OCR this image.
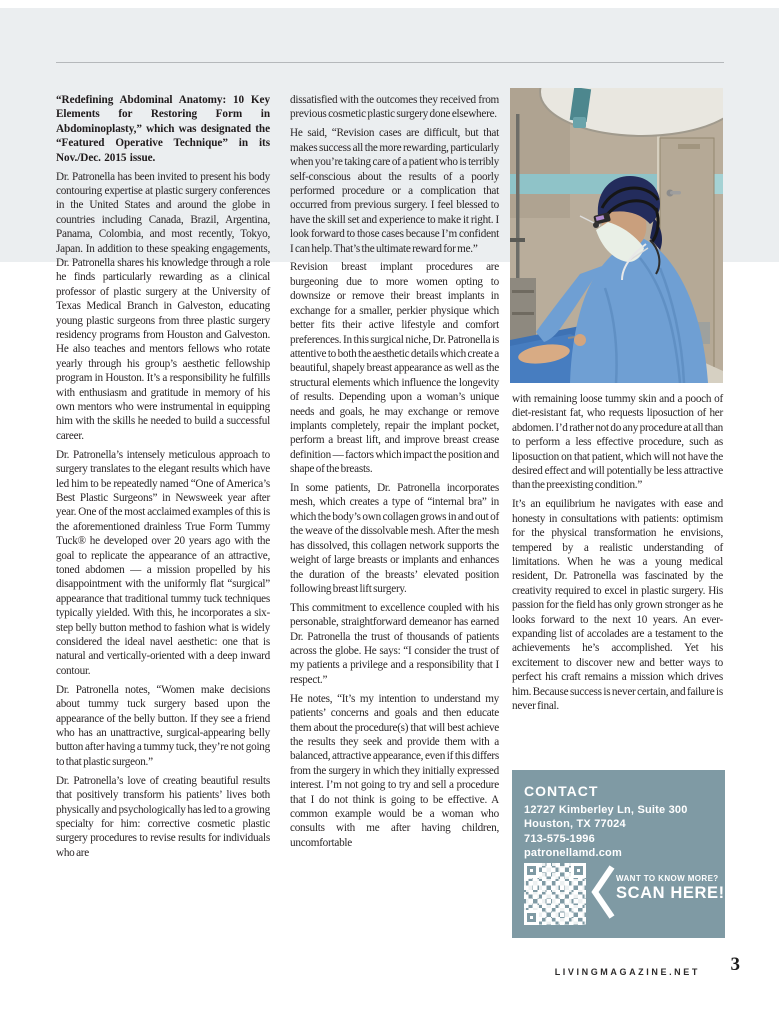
“Redefining Abdominal Anatomy: 10 Key Elements for Restoring Form in Abdominoplasty,” which was designated the “Featured Operative Technique” in its Nov./Dec. 2015 issue.

Dr. Patronella has been invited to present his body contouring expertise at plastic surgery conferences in the United States and around the globe in countries including Canada, Brazil, Argentina, Panama, Colombia, and most recently, Tokyo, Japan. In addition to these speaking engagements, Dr. Patronella shares his knowledge through a role he finds particularly rewarding as a clinical professor of plastic surgery at the University of Texas Medical Branch in Galveston, educating young plastic surgeons from three plastic surgery residency programs from Houston and Galveston. He also teaches and mentors fellows who rotate yearly through his group’s aesthetic fellowship program in Houston. It’s a responsibility he fulfills with enthusiasm and gratitude in memory of his own mentors who were instrumental in equipping him with the skills he needed to build a successful career.

Dr. Patronella’s intensely meticulous approach to surgery translates to the elegant results which have led him to be repeatedly named “One of America’s Best Plastic Surgeons” in Newsweek year after year. One of the most acclaimed examples of this is the aforementioned drainless True Form Tummy Tuck® he developed over 20 years ago with the goal to replicate the appearance of an attractive, toned abdomen — a mission propelled by his disappointment with the uniformly flat “surgical” appearance that traditional tummy tuck techniques typically yielded. With this, he incorporates a six-step belly button method to fashion what is widely considered the ideal navel aesthetic: one that is natural and vertically-oriented with a deep inward contour.

Dr. Patronella notes, “Women make decisions about tummy tuck surgery based upon the appearance of the belly button. If they see a friend who has an unattractive, surgical-appearing belly button after having a tummy tuck, they’re not going to that plastic surgeon.”

Dr. Patronella’s love of creating beautiful results that positively transform his patients’ lives both physically and psychologically has led to a growing specialty for him: corrective cosmetic plastic surgery procedures to revise results for individuals who are

dissatisfied with the outcomes they received from previous cosmetic plastic surgery done elsewhere.

He said, “Revision cases are difficult, but that makes success all the more rewarding, particularly when you’re taking care of a patient who is terribly self-conscious about the results of a poorly performed procedure or a complication that occurred from previous surgery. I feel blessed to have the skill set and experience to make it right. I look forward to those cases because I’m confident I can help. That’s the ultimate reward for me.”

Revision breast implant procedures are burgeoning due to more women opting to downsize or remove their breast implants in exchange for a smaller, perkier physique which better fits their active lifestyle and comfort preferences. In this surgical niche, Dr. Patronella is attentive to both the aesthetic details which create a beautiful, shapely breast appearance as well as the structural elements which influence the longevity of results. Depending upon a woman’s unique needs and goals, he may exchange or remove implants completely, repair the implant pocket, perform a breast lift, and improve breast crease definition — factors which impact the position and shape of the breasts.

In some patients, Dr. Patronella incorporates mesh, which creates a type of “internal bra” in which the body’s own collagen grows in and out of the weave of the dissolvable mesh. After the mesh has dissolved, this collagen network supports the weight of large breasts or implants and enhances the duration of the breasts’ elevated position following breast lift surgery.

This commitment to excellence coupled with his personable, straightforward demeanor has earned Dr. Patronella the trust of thousands of patients across the globe. He says: “I consider the trust of my patients a privilege and a responsibility that I respect.”

He notes, “It’s my intention to understand my patients’ concerns and goals and then educate them about the procedure(s) that will best achieve the results they seek and provide them with a balanced, attractive appearance, even if this differs from the surgery in which they initially expressed interest. I’m not going to try and sell a procedure that I do not think is going to be effective. A common example would be a woman who consults with me after having children, uncomfortable

with remaining loose tummy skin and a pooch of diet-resistant fat, who requests liposuction of her abdomen. I’d rather not do any procedure at all than to perform a less effective procedure, such as liposuction on that patient, which will not have the desired effect and will potentially be less attractive than the preexisting condition.”

It’s an equilibrium he navigates with ease and honesty in consultations with patients: optimism for the physical transformation he envisions, tempered by a realistic understanding of limitations. When he was a young medical resident, Dr. Patronella was fascinated by the creativity required to excel in plastic surgery. His passion for the field has only grown stronger as he looks forward to the next 10 years. An ever-expanding list of accolades are a testament to the achievements he’s accomplished. Yet his excitement to discover new and better ways to perfect his craft remains a mission which drives him. Because success is never certain, and failure is never final.

CONTACT
12727 Kimberley Ln, Suite 300
Houston, TX 77024
713-575-1996
patronellamd.com
WANT TO KNOW MORE?
SCAN HERE!
LIVINGMAGAZINE.NET	3
